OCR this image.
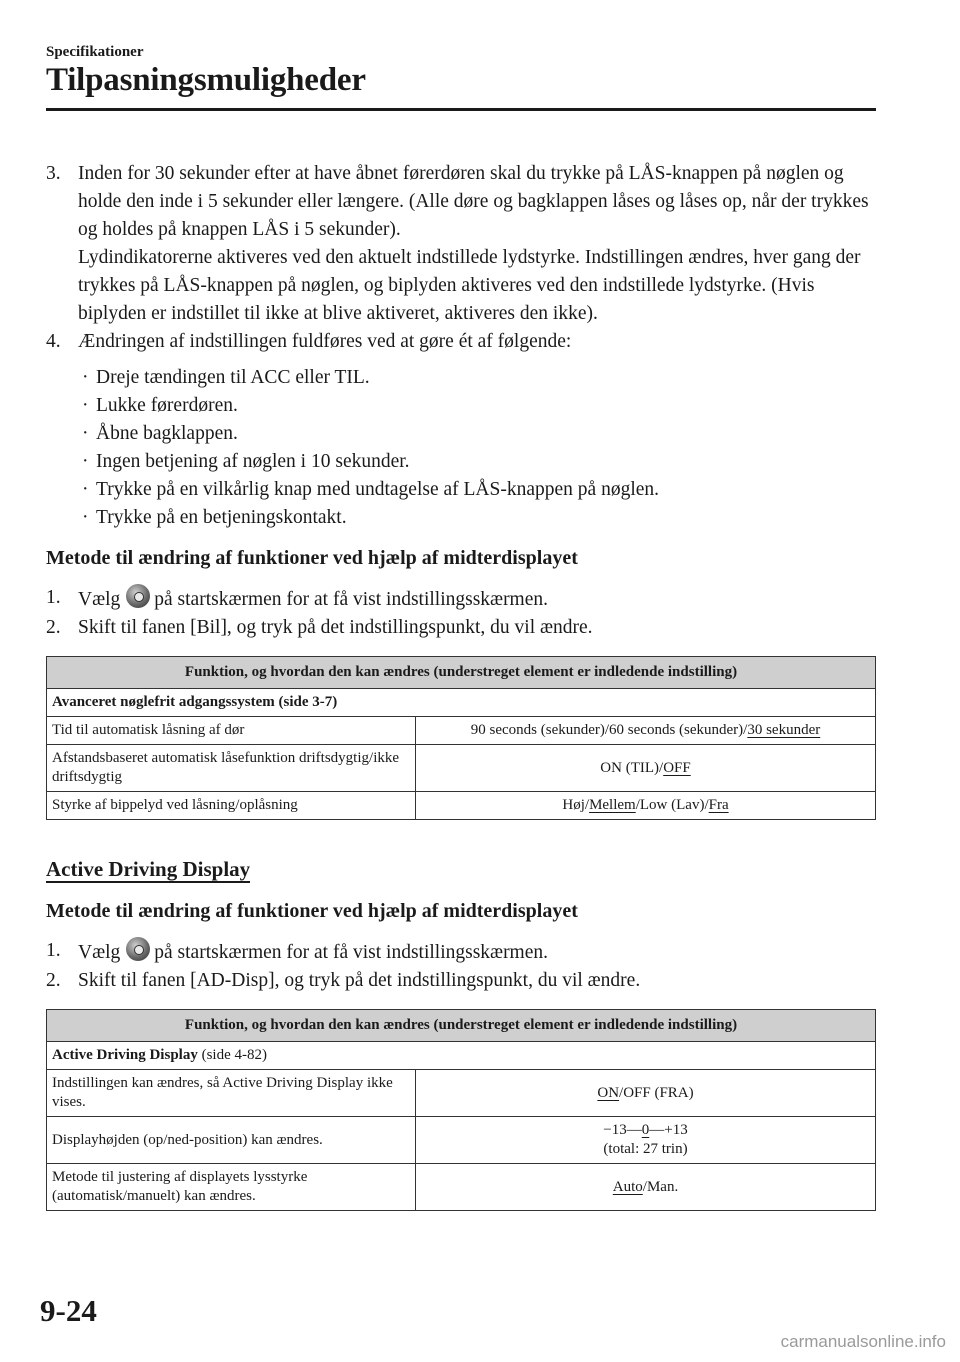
Specifikationer
Tilpasningsmuligheder
3. Inden for 30 sekunder efter at have åbnet førerdøren skal du trykke på LÅS-knappen på nøglen og holde den inde i 5 sekunder eller længere. (Alle døre og bagklappen låses og låses op, når der trykkes og holdes på knappen LÅS i 5 sekunder).
Lydindikatorerne aktiveres ved den aktuelt indstillede lydstyrke. Indstillingen ændres, hver gang der trykkes på LÅS-knappen på nøglen, og biplyden aktiveres ved den indstillede lydstyrke. (Hvis biplyden er indstillet til ikke at blive aktiveret, aktiveres den ikke).
4. Ændringen af indstillingen fuldføres ved at gøre ét af følgende:
· Dreje tændingen til ACC eller TIL.
· Lukke førerdøren.
· Åbne bagklappen.
· Ingen betjening af nøglen i 10 sekunder.
· Trykke på en vilkårlig knap med undtagelse af LÅS-knappen på nøglen.
· Trykke på en betjeningskontakt.
Metode til ændring af funktioner ved hjælp af midterdisplayet
1. Vælg på startskærmen for at få vist indstillingsskærmen.
2. Skift til fanen [Bil], og tryk på det indstillingspunkt, du vil ændre.
Funktion, og hvordan den kan ændres (understreget element er indledende indstilling)	
Avanceret nøglefrit adgangssystem (side 3-7)	
Tid til automatisk låsning af dør	90 seconds (sekunder)/60 seconds (sekunder)/30 sekunder
Afstandsbaseret automatisk låsefunktion driftsdygtig/ikke driftsdygtig	ON (TIL)/OFF
Styrke af bippelyd ved låsning/oplåsning	Høj/Mellem/Low (Lav)/Fra
Active Driving Display
Metode til ændring af funktioner ved hjælp af midterdisplayet
1. Vælg på startskærmen for at få vist indstillingsskærmen.
2. Skift til fanen [AD-Disp], og tryk på det indstillingspunkt, du vil ændre.
Funktion, og hvordan den kan ændres (understreget element er indledende indstilling)	
Active Driving Display (side 4-82)	
Indstillingen kan ændres, så Active Driving Display ikke vises.	ON/OFF (FRA)
Displayhøjden (op/ned-position) kan ændres.	−13―0―+13
(total: 27 trin)

Metode til justering af displayets lysstyrke (automatisk/manuelt) kan ændres.	Auto/Man.
9-24
carmanualsonline.info
